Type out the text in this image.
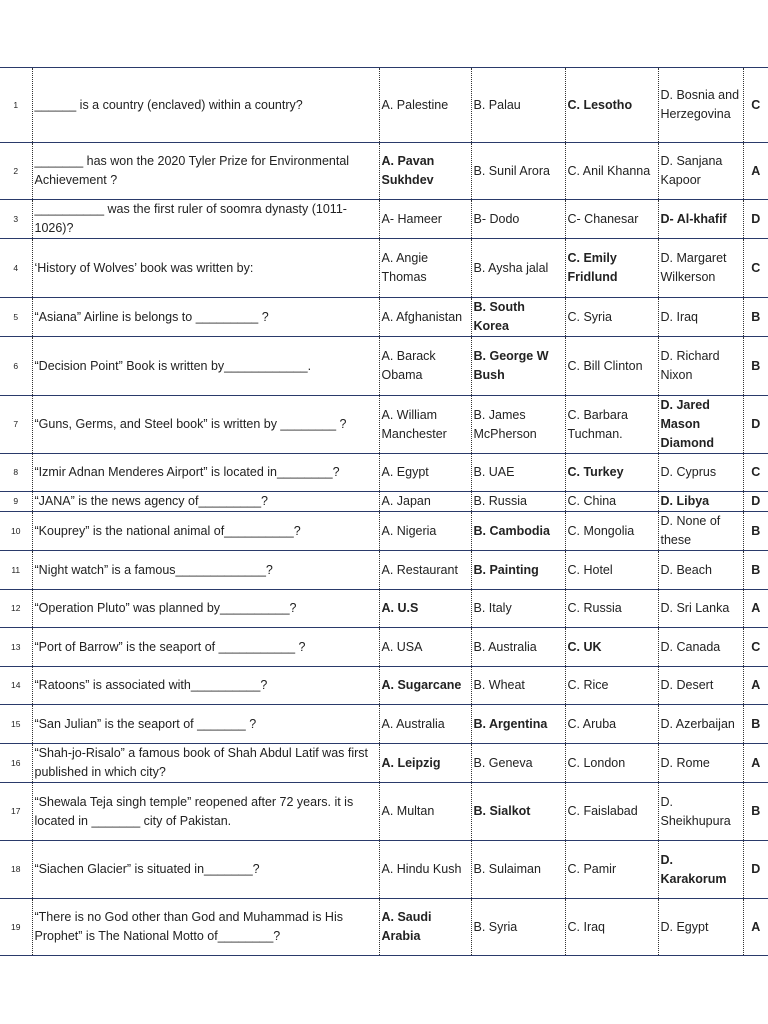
1	______ is a country (enclaved) within a country?	A. Palestine	B. Palau	C. Lesotho	D. Bosnia and Herzegovina	C
2	_______ has won the 2020 Tyler Prize for Environmental Achievement ?	A. Pavan Sukhdev	B. Sunil Arora	C. Anil Khanna	D. Sanjana Kapoor	A
3	__________ was the first ruler of soomra dynasty (1011-1026)?	A- Hameer	B- Dodo	C- Chanesar	D- Al-khafif	D
4	‘History of Wolves’ book was written by:	A. Angie Thomas	B. Aysha jalal	C. Emily Fridlund	D. Margaret Wilkerson	C
5	“Asiana” Airline is belongs to _________ ?	A. Afghanistan	B. South Korea	C. Syria	D. Iraq	B
6	“Decision Point” Book is written by____________.	A. Barack Obama	B. George W Bush	C. Bill Clinton	D. Richard Nixon	B
7	“Guns, Germs, and Steel book” is written by ________ ?	A. William Manchester	B. James McPherson	C. Barbara Tuchman.	D. Jared Mason Diamond	D
8	“Izmir Adnan Menderes Airport” is located in________?	A. Egypt	B. UAE	C. Turkey	D. Cyprus	C
9	“JANA” is the news agency of_________?	A. Japan	B. Russia	C. China	D. Libya	D
10	“Kouprey” is the national animal of__________?	A. Nigeria	B. Cambodia	C. Mongolia	D. None of these	B
11	“Night watch” is a famous_____________?	A. Restaurant	B. Painting	C. Hotel	D. Beach	B
12	“Operation Pluto” was planned by__________?	A. U.S	B. Italy	C. Russia	D. Sri Lanka	A
13	“Port of Barrow” is the seaport of ___________ ?	A. USA	B. Australia	C. UK	D. Canada	C
14	“Ratoons” is associated with__________?	A. Sugarcane	B. Wheat	C. Rice	D. Desert	A
15	“San Julian” is the seaport of _______ ?	A. Australia	B. Argentina	C. Aruba	D. Azerbaijan	B
16	“Shah-jo-Risalo” a famous book of Shah Abdul Latif was first published in which city?	A. Leipzig	B. Geneva	C. London	D. Rome	A
17	“Shewala Teja singh temple” reopened after 72 years. it is located in _______ city of Pakistan.	A. Multan	B. Sialkot	C. Faislabad	D. Sheikhupura	B
18	“Siachen Glacier” is situated in_______?	A. Hindu Kush	B. Sulaiman	C. Pamir	D. Karakorum	D
19	“There is no God other than God and Muhammad is His Prophet” is The National Motto of________?	A. Saudi Arabia	B. Syria	C. Iraq	D. Egypt	A
